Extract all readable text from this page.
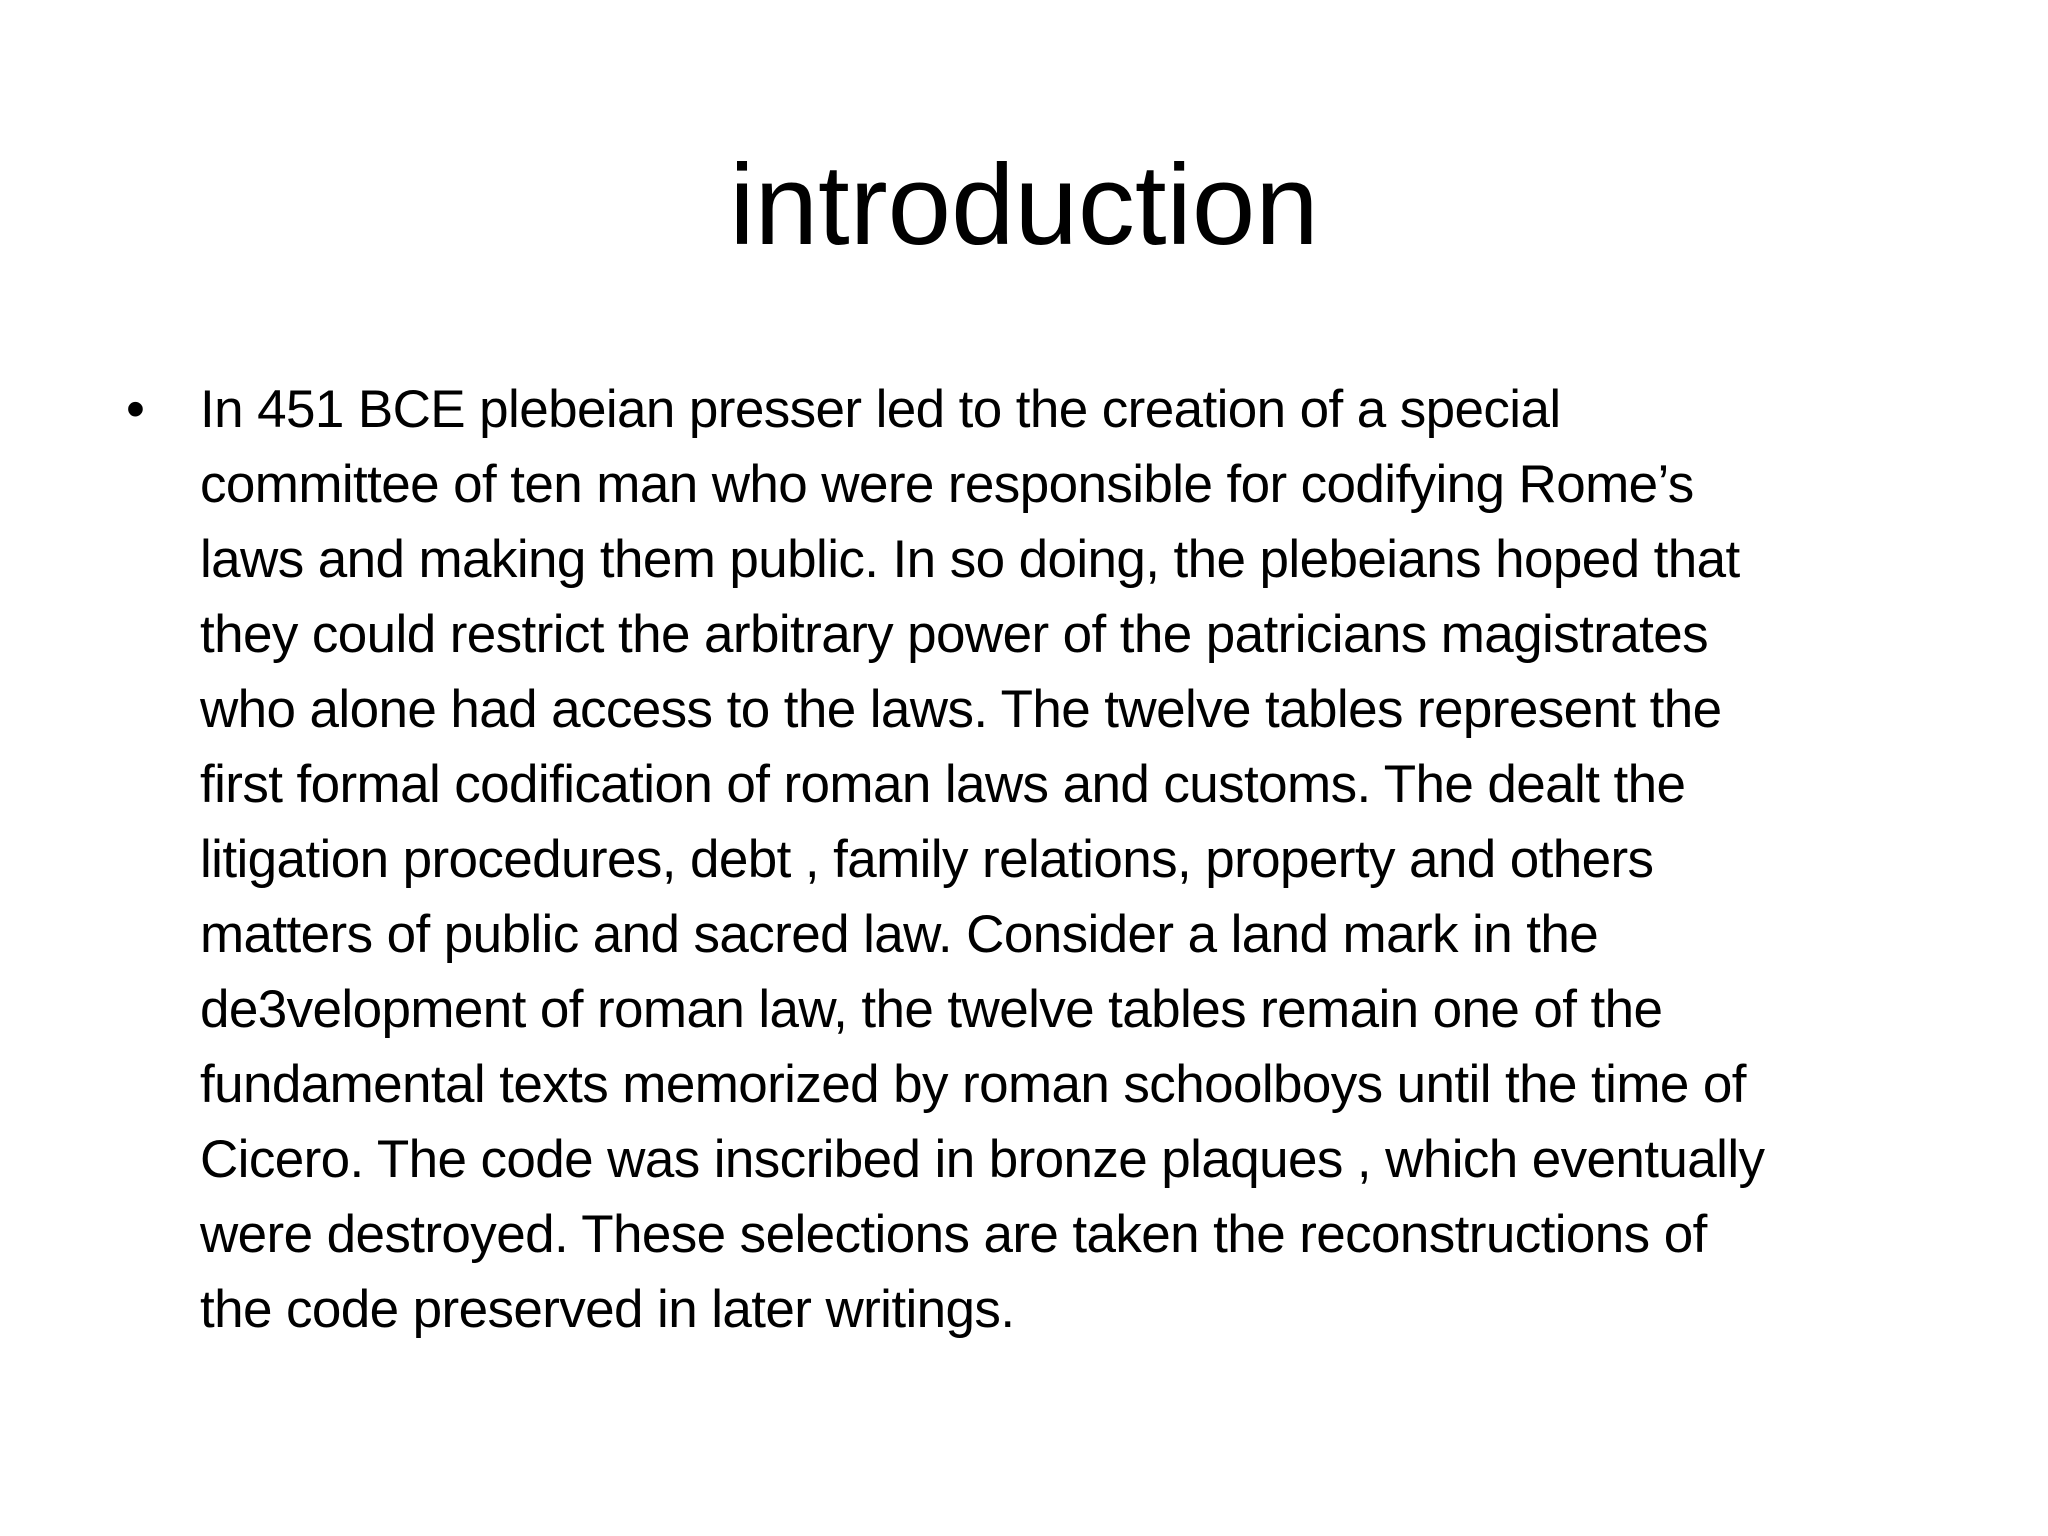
introduction
• In 451 BCE plebeian presser led to the creation of a special
committee of ten man who were responsible for codifying Rome’s
laws and making them public. In so doing, the plebeians hoped that
they could restrict the arbitrary power of the patricians magistrates
who alone had access to the laws. The twelve tables represent the
first formal codification of roman laws and customs. The dealt the
litigation procedures, debt , family relations, property and others
matters of public and sacred law. Consider a land mark in the
de3velopment of roman law, the twelve tables remain one of the
fundamental texts memorized by roman schoolboys until the time of
Cicero. The code was inscribed in bronze plaques , which eventually
were destroyed. These selections are taken the reconstructions of
the code preserved in later writings.
